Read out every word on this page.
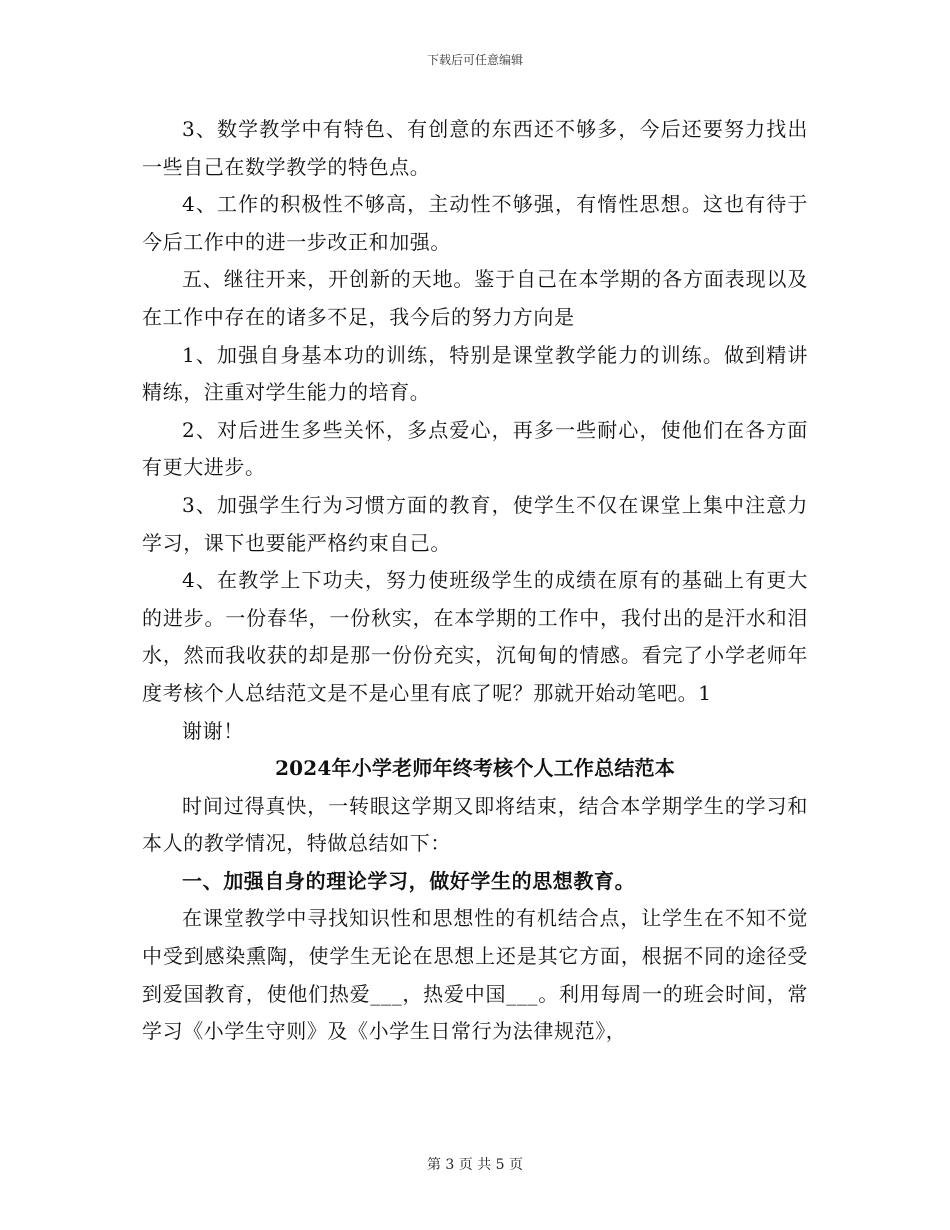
下载后可任意编辑

3、数学教学中有特色、有创意的东西还不够多，今后还要努力找出一些自己在数学教学的特色点。

4、工作的积极性不够高，主动性不够强，有惰性思想。这也有待于今后工作中的进一步改正和加强。

五、继往开来，开创新的天地。鉴于自己在本学期的各方面表现以及在工作中存在的诸多不足，我今后的努力方向是

1、加强自身基本功的训练，特别是课堂教学能力的训练。做到精讲精练，注重对学生能力的培育。

2、对后进生多些关怀，多点爱心，再多一些耐心，使他们在各方面有更大进步。

3、加强学生行为习惯方面的教育，使学生不仅在课堂上集中注意力学习，课下也要能严格约束自己。

4、在教学上下功夫，努力使班级学生的成绩在原有的基础上有更大的进步。一份春华，一份秋实，在本学期的工作中，我付出的是汗水和泪水，然而我收获的却是那一份份充实，沉甸甸的情感。看完了小学老师年度考核个人总结范文是不是心里有底了呢？那就开始动笔吧。1

谢谢！

2024年小学老师年终考核个人工作总结范本

时间过得真快，一转眼这学期又即将结束，结合本学期学生的学习和本人的教学情况，特做总结如下：

一、加强自身的理论学习，做好学生的思想教育。

在课堂教学中寻找知识性和思想性的有机结合点，让学生在不知不觉中受到感染熏陶，使学生无论在思想上还是其它方面，根据不同的途径受到爱国教育，使他们热爱___，热爱中国___。利用每周一的班会时间，常学习《小学生守则》及《小学生日常行为法律规范》，

第 3 页 共 5 页
